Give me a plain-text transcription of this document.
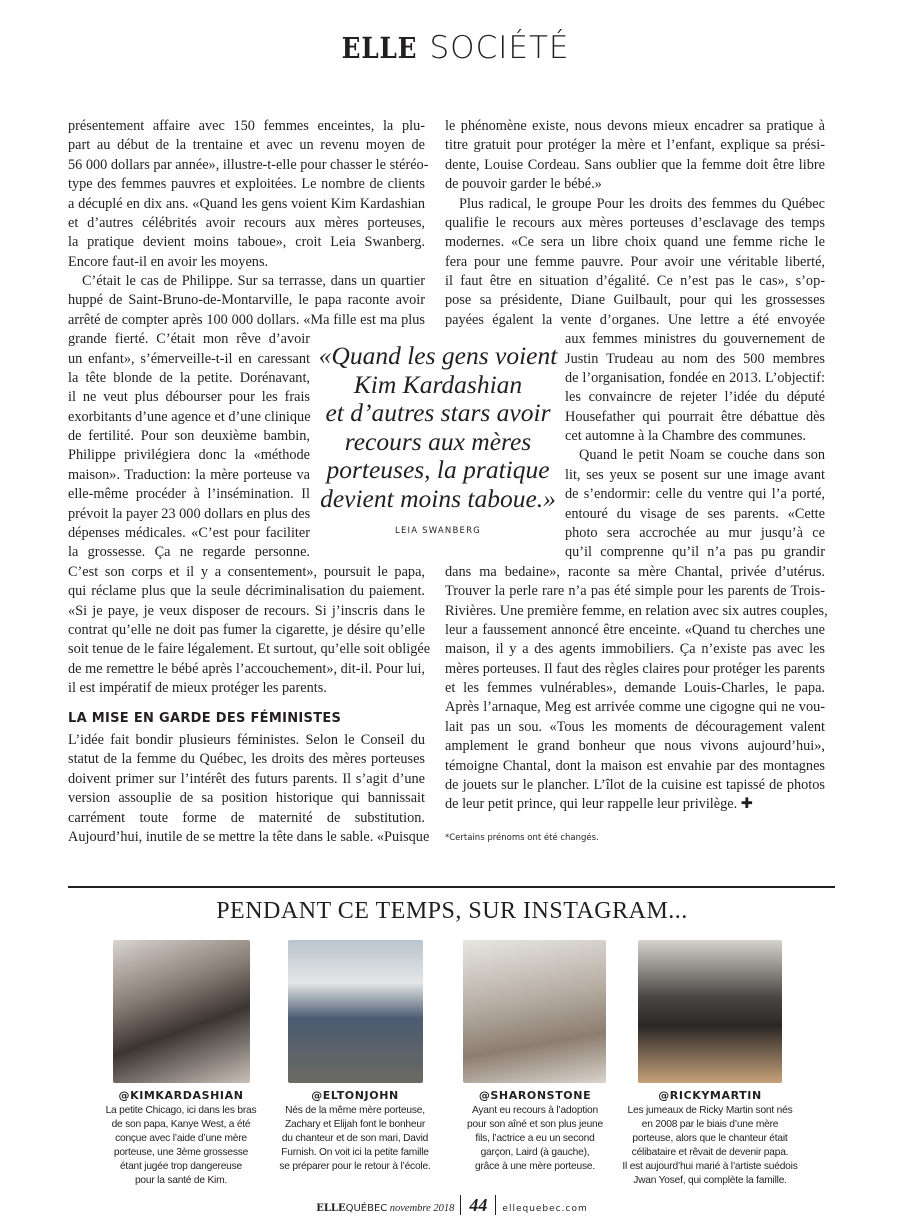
ELLE SOCIÉTÉ
présentement affaire avec 150 femmes enceintes, la plu-
part au début de la trentaine et avec un revenu moyen de
56 000 dollars par année», illustre-t-elle pour chasser le stéréo-
type des femmes pauvres et exploitées. Le nombre de clients
a décuplé en dix ans. «Quand les gens voient Kim Kardashian
et d’autres célébrités avoir recours aux mères porteuses,
la pratique devient moins taboue», croit Leia Swanberg.
Encore faut-il en avoir les moyens.
C’était le cas de Philippe. Sur sa terrasse, dans un quartier
huppé de Saint-Bruno-de-Montarville, le papa raconte avoir
arrêté de compter après 100 000 dollars. «Ma fille est ma plus
grande fierté. C’était mon rêve d’avoir
un enfant», s’émerveille-t-il en caressant
la tête blonde de la petite. Dorénavant,
il ne veut plus débourser pour les frais
exorbitants d’une agence et d’une clinique
de fertilité. Pour son deuxième bambin,
Philippe privilégiera donc la «méthode
maison». Traduction: la mère porteuse va
elle-même procéder à l’insémination. Il
prévoit la payer 23 000 dollars en plus des
dépenses médicales. «C’est pour faciliter
la grossesse. Ça ne regarde personne.
C’est son corps et il y a consentement», poursuit le papa,
qui réclame plus que la seule décriminalisation du paiement.
«Si je paye, je veux disposer de recours. Si j’inscris dans le
contrat qu’elle ne doit pas fumer la cigarette, je désire qu’elle
soit tenue de le faire légalement. Et surtout, qu’elle soit obligée
de me remettre le bébé après l’accouchement», dit-il. Pour lui,
il est impératif de mieux protéger les parents.
L’idée fait bondir plusieurs féministes. Selon le Conseil du
statut de la femme du Québec, les droits des mères porteuses
doivent primer sur l’intérêt des futurs parents. Il s’agit d’une
version assouplie de sa position historique qui bannissait
carrément toute forme de maternité de substitution.
Aujourd’hui, inutile de se mettre la tête dans le sable. «Puisque
le phénomène existe, nous devons mieux encadrer sa pratique à
titre gratuit pour protéger la mère et l’enfant, explique sa prési-
dente, Louise Cordeau. Sans oublier que la femme doit être libre
de pouvoir garder le bébé.»
Plus radical, le groupe Pour les droits des femmes du Québec
qualifie le recours aux mères porteuses d’esclavage des temps
modernes. «Ce sera un libre choix quand une femme riche le
fera pour une femme pauvre. Pour avoir une véritable liberté,
il faut être en situation d’égalité. Ce n’est pas le cas», s’op-
pose sa présidente, Diane Guilbault, pour qui les grossesses
payées égalent la vente d’organes. Une lettre a été envoyée
aux femmes ministres du gouvernement de
Justin Trudeau au nom des 500 membres
de l’organisation, fondée en 2013. L’objectif:
les convaincre de rejeter l’idée du député
Housefather qui pourrait être débattue dès
cet automne à la Chambre des communes.
Quand le petit Noam se couche dans son
lit, ses yeux se posent sur une image avant
de s’endormir: celle du ventre qui l’a porté,
entouré du visage de ses parents. «Cette
photo sera accrochée au mur jusqu’à ce
qu’il comprenne qu’il n’a pas pu grandir
dans ma bedaine», raconte sa mère Chantal, privée d’utérus.
Trouver la perle rare n’a pas été simple pour les parents de Trois-
Rivières. Une première femme, en relation avec six autres couples,
leur a faussement annoncé être enceinte. «Quand tu cherches une
maison, il y a des agents immobiliers. Ça n’existe pas avec les
mères porteuses. Il faut des règles claires pour protéger les parents
et les femmes vulnérables», demande Louis-Charles, le papa.
Après l’arnaque, Meg est arrivée comme une cigogne qui ne vou-
lait pas un sou. «Tous les moments de découragement valent
amplement le grand bonheur que nous vivons aujourd’hui»,
témoigne Chantal, dont la maison est envahie par des montagnes
de jouets sur le plancher. L’îlot de la cuisine est tapissé de photos
de leur petit prince, qui leur rappelle leur privilège. ✚
LA MISE EN GARDE DES FÉMINISTES
«Quand les gens voient
Kim Kardashian
et d’autres stars avoir
recours aux mères
porteuses, la pratique
devient moins taboue.»
LEIA SWANBERG
*Certains prénoms ont été changés.
PENDANT CE TEMPS, SUR INSTAGRAM...
@KIMKARDASHIAN
La petite Chicago, ici dans les bras
de son papa, Kanye West, a été
conçue avec l’aide d’une mère
porteuse, une 3ème grossesse
étant jugée trop dangereuse
pour la santé de Kim.
@ELTONJOHN
Nés de la même mère porteuse,
Zachary et Elijah font le bonheur
du chanteur et de son mari, David
Furnish. On voit ici la petite famille
se préparer pour le retour à l’école.
@SHARONSTONE
Ayant eu recours à l’adoption
pour son aîné et son plus jeune
fils, l’actrice a eu un second
garçon, Laird (à gauche),
grâce à une mère porteuse.
@RICKYMARTIN
Les jumeaux de Ricky Martin sont nés
en 2008 par le biais d’une mère
porteuse, alors que le chanteur était
célibataire et rêvait de devenir papa.
Il est aujourd’hui marié à l’artiste suédois
Jwan Yosef, qui complète la famille.
ELLEQUÉBEC novembre 2018 44 ellequebec.com
